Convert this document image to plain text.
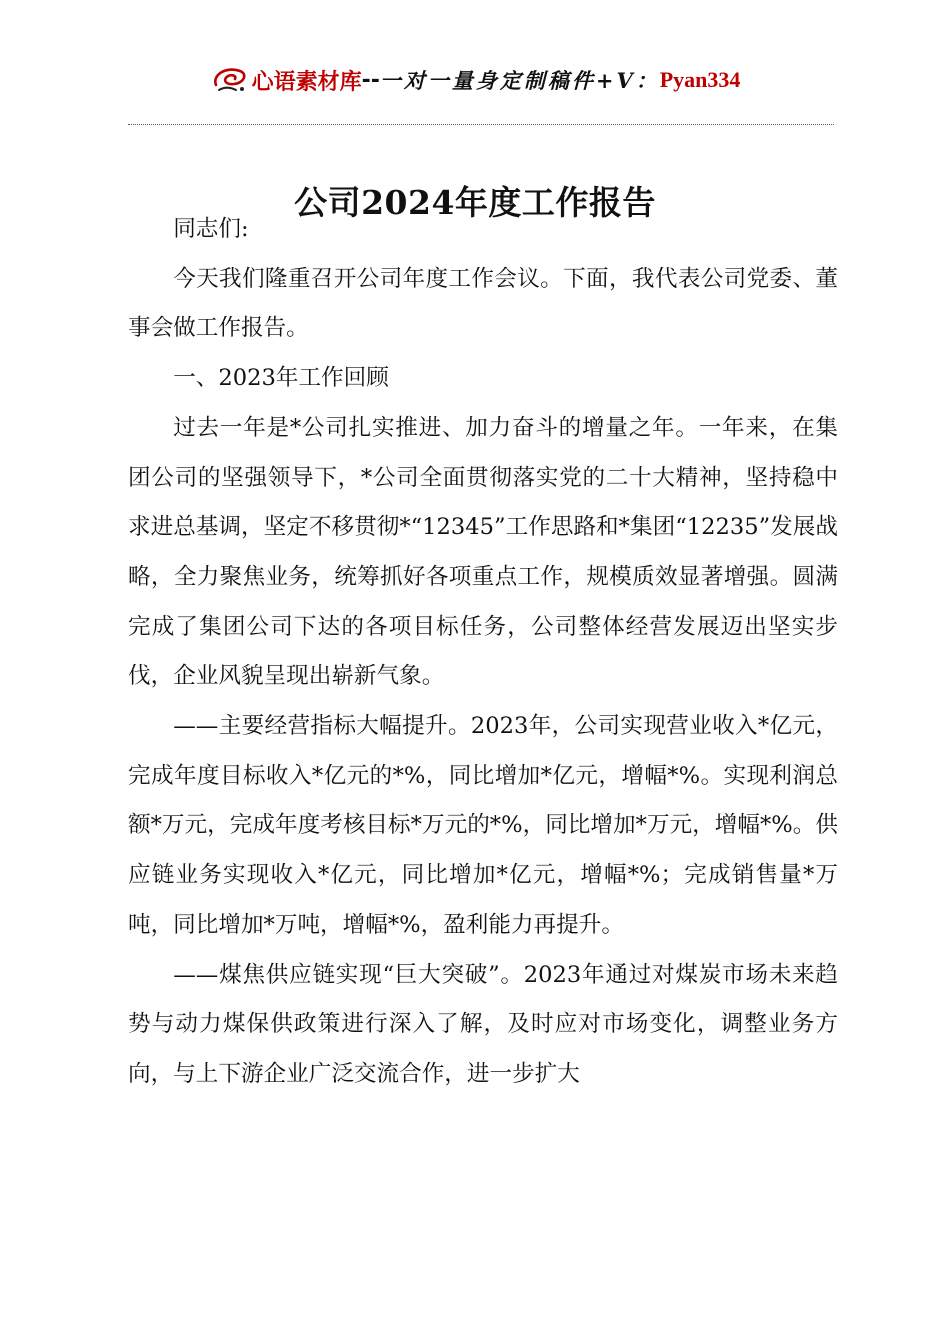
心语素材库 -- 一对一量身定制稿件+V： Pyan334
公司2024年度工作报告

同志们:

今天我们隆重召开公司年度工作会议。下面，我代表公司党委、董事会做工作报告。

一、2023年工作回顾

过去一年是*公司扎实推进、加力奋斗的增量之年。一年来，在集团公司的坚强领导下，*公司全面贯彻落实党的二十大精神，坚持稳中求进总基调，坚定不移贯彻*“12345”工作思路和*集团“12235”发展战略，全力聚焦业务，统筹抓好各项重点工作，规模质效显著增强。圆满完成了集团公司下达的各项目标任务，公司整体经营发展迈出坚实步伐，企业风貌呈现出崭新气象。

——主要经营指标大幅提升。2023年，公司实现营业收入*亿元，完成年度目标收入*亿元的*%，同比增加*亿元，增幅*%。实现利润总额*万元，完成年度考核目标*万元的*%，同比增加*万元，增幅*%。供应链业务实现收入*亿元，同比增加*亿元，增幅*%；完成销售量*万吨，同比增加*万吨，增幅*%，盈利能力再提升。

——煤焦供应链实现“巨大突破”。2023年通过对煤炭市场未来趋势与动力煤保供政策进行深入了解，及时应对市场变化，调整业务方向，与上下游企业广泛交流合作，进一步扩大
